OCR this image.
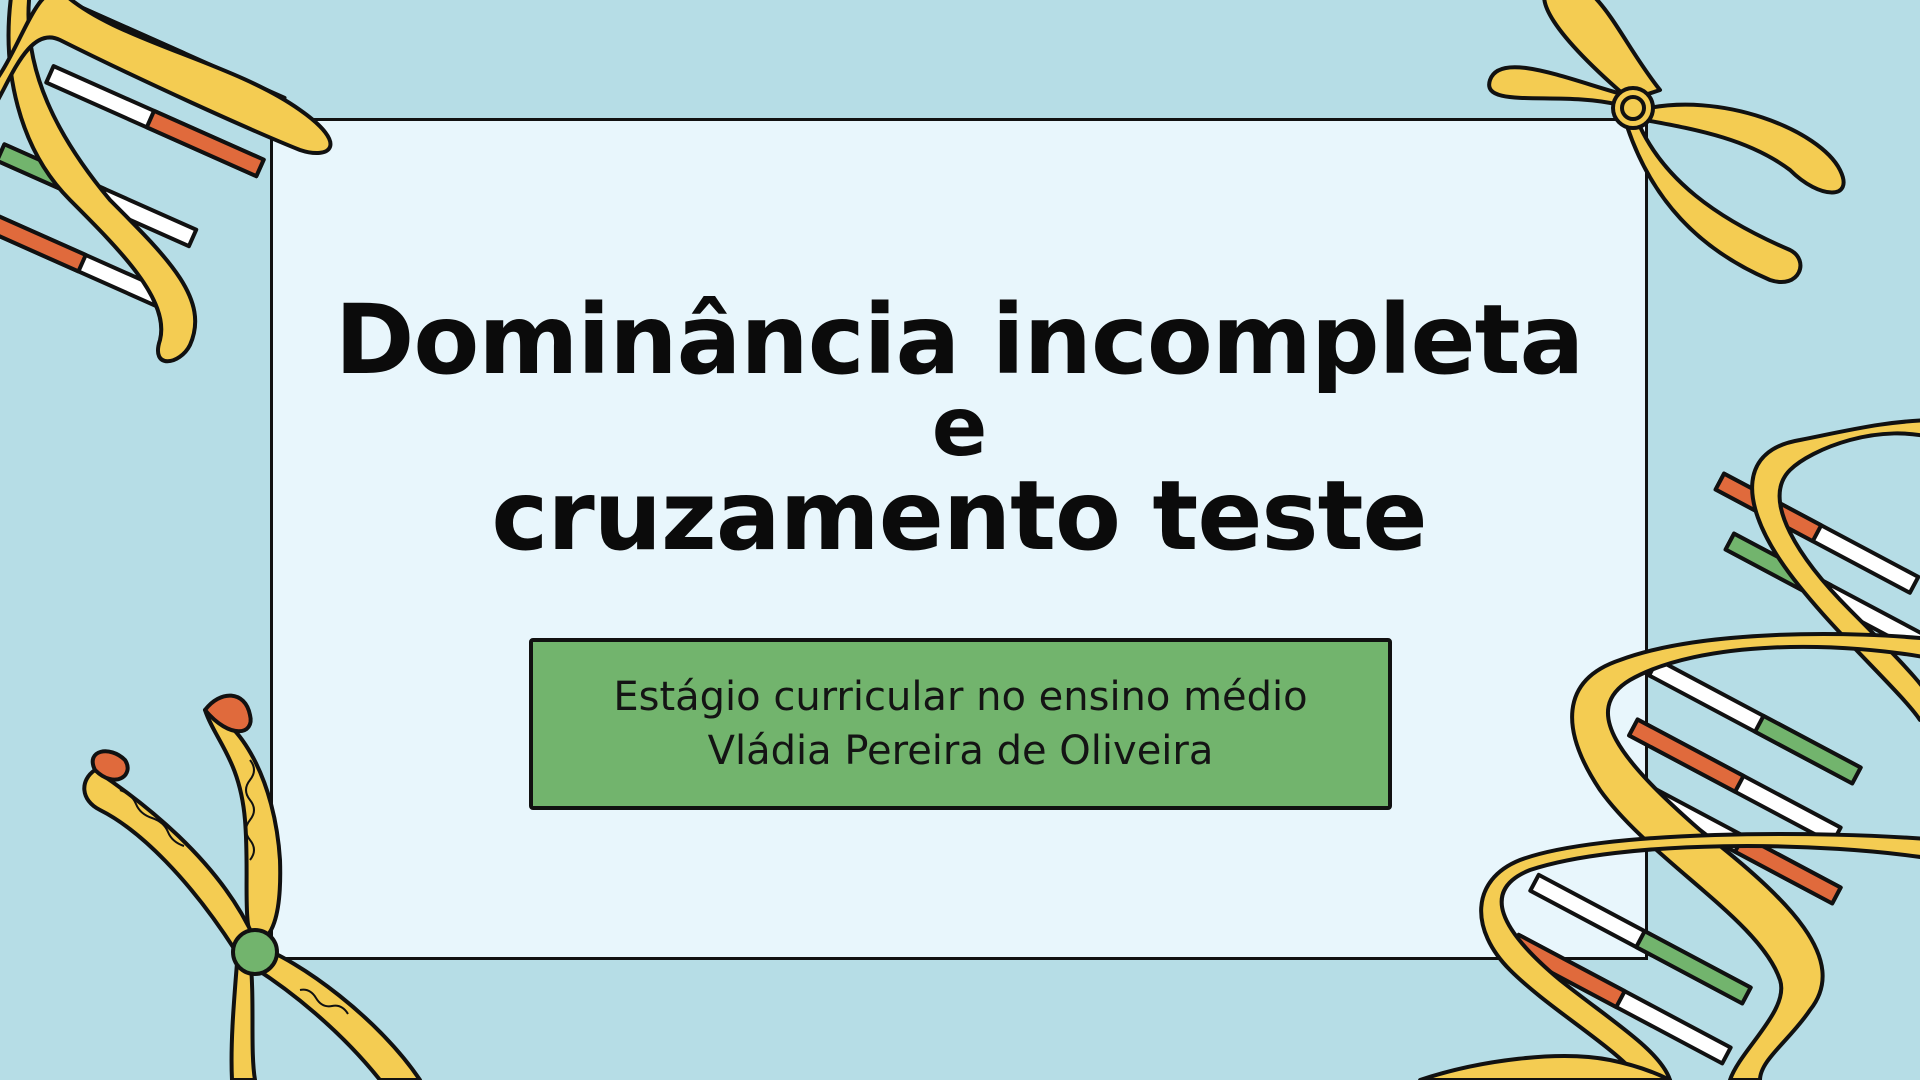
Dominância incompleta
e
cruzamento teste
Estágio curricular no ensino médio
Vládia Pereira de Oliveira
